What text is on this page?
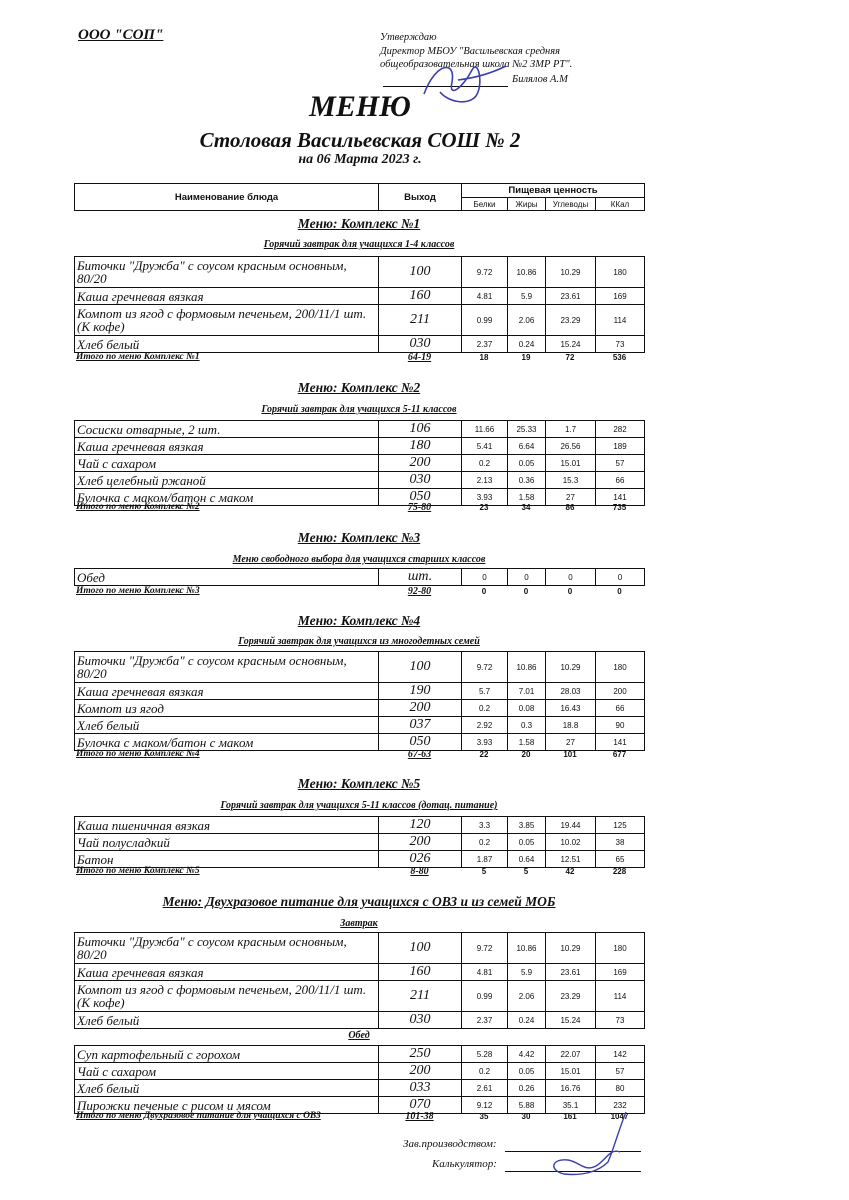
ООО "СОП"	Утверждаю
Директор МБОУ "Васильевская средняя
общеобразовательная школа №2 ЗМР РТ".
Билялов А.М
МЕНЮ
Столовая Васильевская СОШ № 2
на 06 Марта 2023 г.
Наименование блюда	Выход	Пищевая ценность			
		Белки	Жиры	Углеводы	ККал
Меню: Комплекс №1
Горячий завтрак для учащихся 1-4 классов
Биточки "Дружба" с соусом красным основным, 80/20	100	9.72	10.86	10.29	180
Каша гречневая вязкая	160	4.81	5.9	23.61	169
Компот из ягод с формовым печеньем, 200/11/1 шт. (К кофе)	211	0.99	2.06	23.29	114
Хлеб белый	030	2.37	0.24	15.24	73
Итого по меню Комплекс №1	64-19	18	19	72	536
Меню: Комплекс №2
Горячий завтрак для учащихся 5-11 классов
Сосиски отварные, 2 шт.	106	11.66	25.33	1.7	282
Каша гречневая вязкая	180	5.41	6.64	26.56	189
Чай с сахаром	200	0.2	0.05	15.01	57
Хлеб целебный ржаной	030	2.13	0.36	15.3	66
Булочка с маком/батон с маком	050	3.93	1.58	27	141
Итого по меню Комплекс №2	75-80	23	34	86	735
Меню: Комплекс №3
Меню свободного выбора для учащихся старших классов
Обед	шт.	0	0	0	0
Итого по меню Комплекс №3	92-80	0	0	0	0
Меню: Комплекс №4
Горячий завтрак для учащихся из многодетных семей
Биточки "Дружба" с соусом красным основным, 80/20	100	9.72	10.86	10.29	180
Каша гречневая вязкая	190	5.7	7.01	28.03	200
Компот из ягод	200	0.2	0.08	16.43	66
Хлеб белый	037	2.92	0.3	18.8	90
Булочка с маком/батон с маком	050	3.93	1.58	27	141
Итого по меню Комплекс №4	67-63	22	20	101	677
Меню: Комплекс №5
Горячий завтрак для учащихся 5-11 классов (дотац. питание)
Каша пшеничная вязкая	120	3.3	3.85	19.44	125
Чай полусладкий	200	0.2	0.05	10.02	38
Батон	026	1.87	0.64	12.51	65
Итого по меню Комплекс №5	8-80	5	5	42	228
Меню: Двухразовое питание для учащихся с ОВЗ и из семей МОБ
Завтрак
Биточки "Дружба" с соусом красным основным, 80/20	100	9.72	10.86	10.29	180
Каша гречневая вязкая	160	4.81	5.9	23.61	169
Компот из ягод с формовым печеньем, 200/11/1 шт. (К кофе)	211	0.99	2.06	23.29	114
Хлеб белый	030	2.37	0.24	15.24	73
Обед
Суп картофельный с горохом	250	5.28	4.42	22.07	142
Чай с сахаром	200	0.2	0.05	15.01	57
Хлеб белый	033	2.61	0.26	16.76	80
Пирожки печеные с рисом и мясом	070	9.12	5.88	35.1	232
Итого по меню Двухразовое питание для учащихся с ОВЗ	101-38	35	30	161	1047
Зав.производством:
Калькулятор:
